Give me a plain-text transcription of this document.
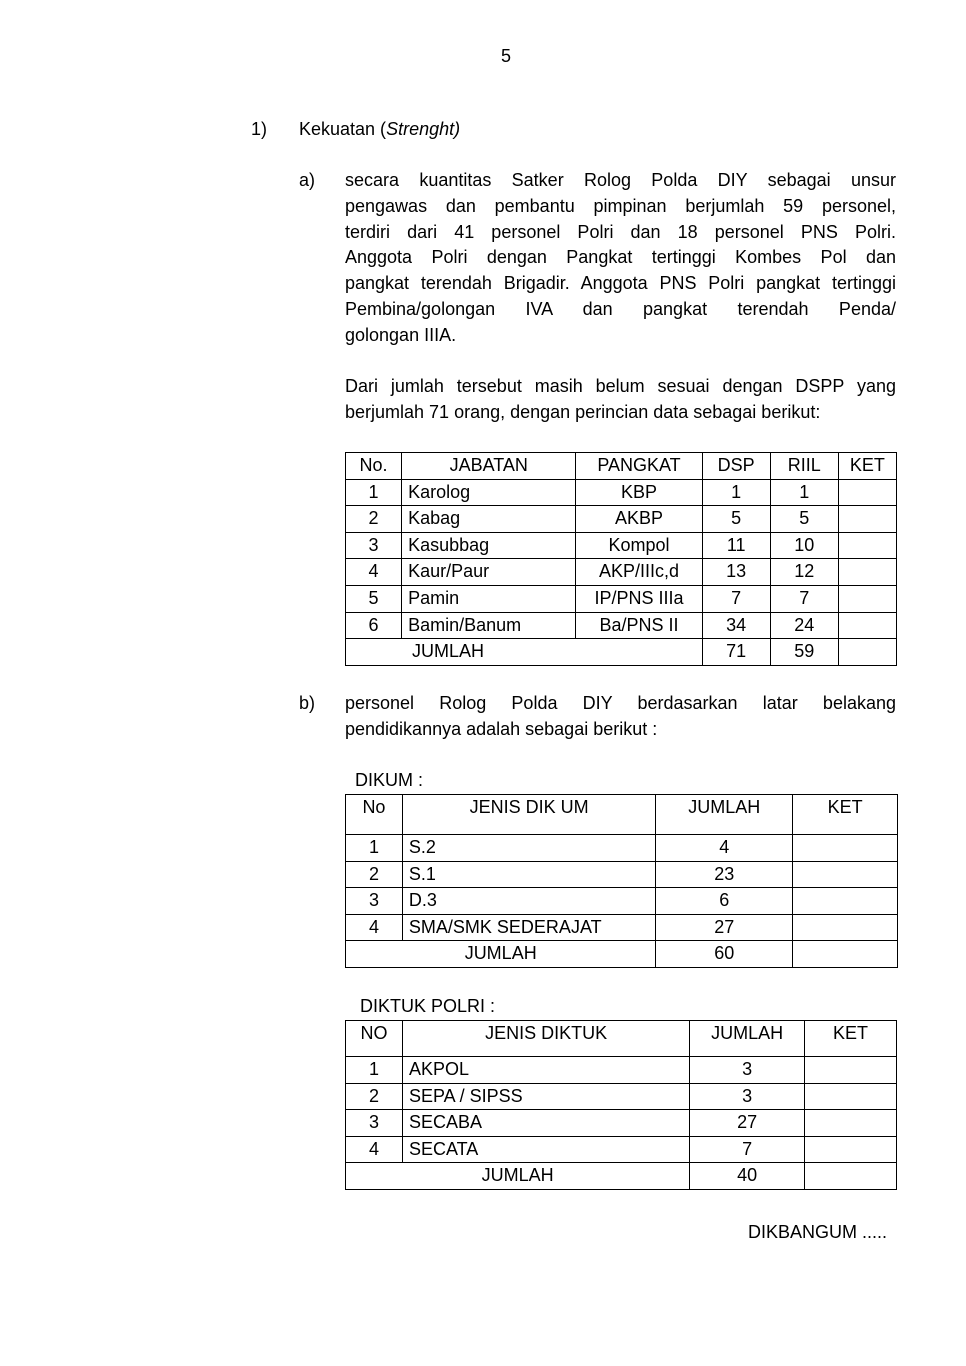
5
1) Kekuatan (Strenght)
a) secara kuantitas Satker Rolog Polda DIY sebagai unsur
pengawas dan pembantu pimpinan berjumlah 59 personel,
terdiri dari 41 personel Polri dan 18 personel PNS Polri.
Anggota Polri dengan Pangkat tertinggi Kombes Pol dan
pangkat terendah Brigadir. Anggota PNS Polri pangkat tertinggi
Pembina/golongan IVA dan pangkat terendah Penda/
golongan IIIA.
Dari jumlah tersebut masih belum sesuai dengan DSPP yang
berjumlah 71 orang, dengan perincian data sebagai berikut:
No.	JABATAN	PANGKAT	DSP	RIIL	KET
1	Karolog	KBP	1	1	
2	Kabag	AKBP	5	5	
3	Kasubbag	Kompol	11	10	
4	Kaur/Paur	AKP/IIIc,d	13	12	
5	Pamin	IP/PNS IIIa	7	7	
6	Bamin/Banum	Ba/PNS II	34	24	
JUMLAH			71	59	
b) personel Rolog Polda DIY berdasarkan latar belakang
pendidikannya adalah sebagai berikut :
DIKUM :
No	JENIS DIK UM	JUMLAH	KET
1	S.2	4	
2	S.1	23	
3	D.3	6	
4	SMA/SMK SEDERAJAT	27	
JUMLAH		60	
DIKTUK POLRI :
NO	JENIS DIKTUK	JUMLAH	KET
1	AKPOL	3	
2	SEPA / SIPSS	3	
3	SECABA	27	
4	SECATA	7	
JUMLAH		40	
DIKBANGUM .....
